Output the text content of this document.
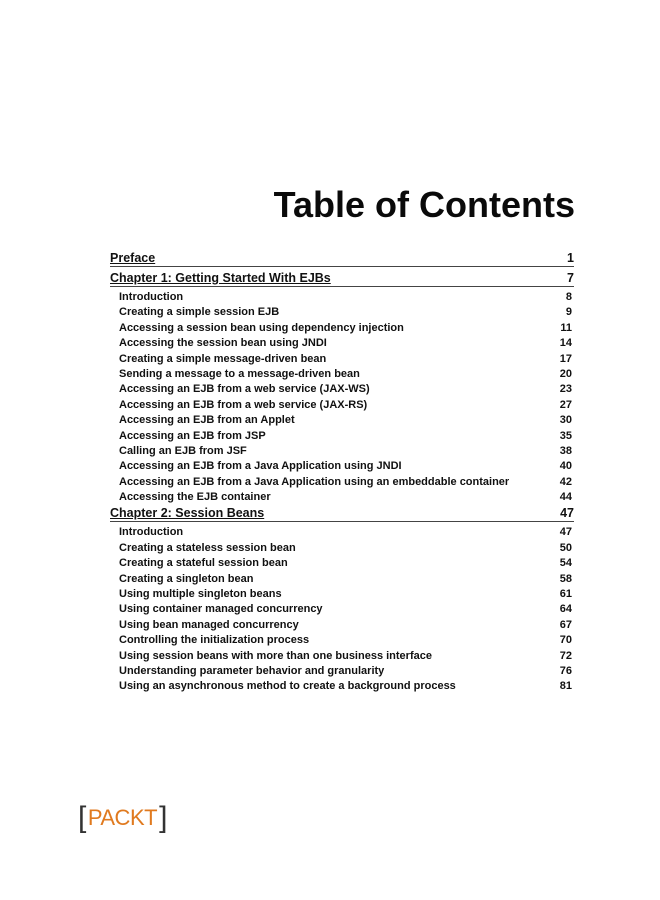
Table of Contents
Preface	1
Chapter 1: Getting Started With EJBs	7
Introduction	8
Creating a simple session EJB	9
Accessing a session bean using dependency injection	11
Accessing the session bean using JNDI	14
Creating a simple message-driven bean	17
Sending a message to a message-driven bean	20
Accessing an EJB from a web service (JAX-WS)	23
Accessing an EJB from a web service (JAX-RS)	27
Accessing an EJB from an Applet	30
Accessing an EJB from JSP	35
Calling an EJB from JSF	38
Accessing an EJB from a Java Application using JNDI	40
Accessing an EJB from a Java Application using an embeddable container	42
Accessing the EJB container	44
Chapter 2: Session Beans	47
Introduction	47
Creating a stateless session bean	50
Creating a stateful session bean	54
Creating a singleton bean	58
Using multiple singleton beans	61
Using container managed concurrency	64
Using bean managed concurrency	67
Controlling the initialization process	70
Using session beans with more than one business interface	72
Understanding parameter behavior and granularity	76
Using an asynchronous method to create a background process	81
[ PACKT ]
